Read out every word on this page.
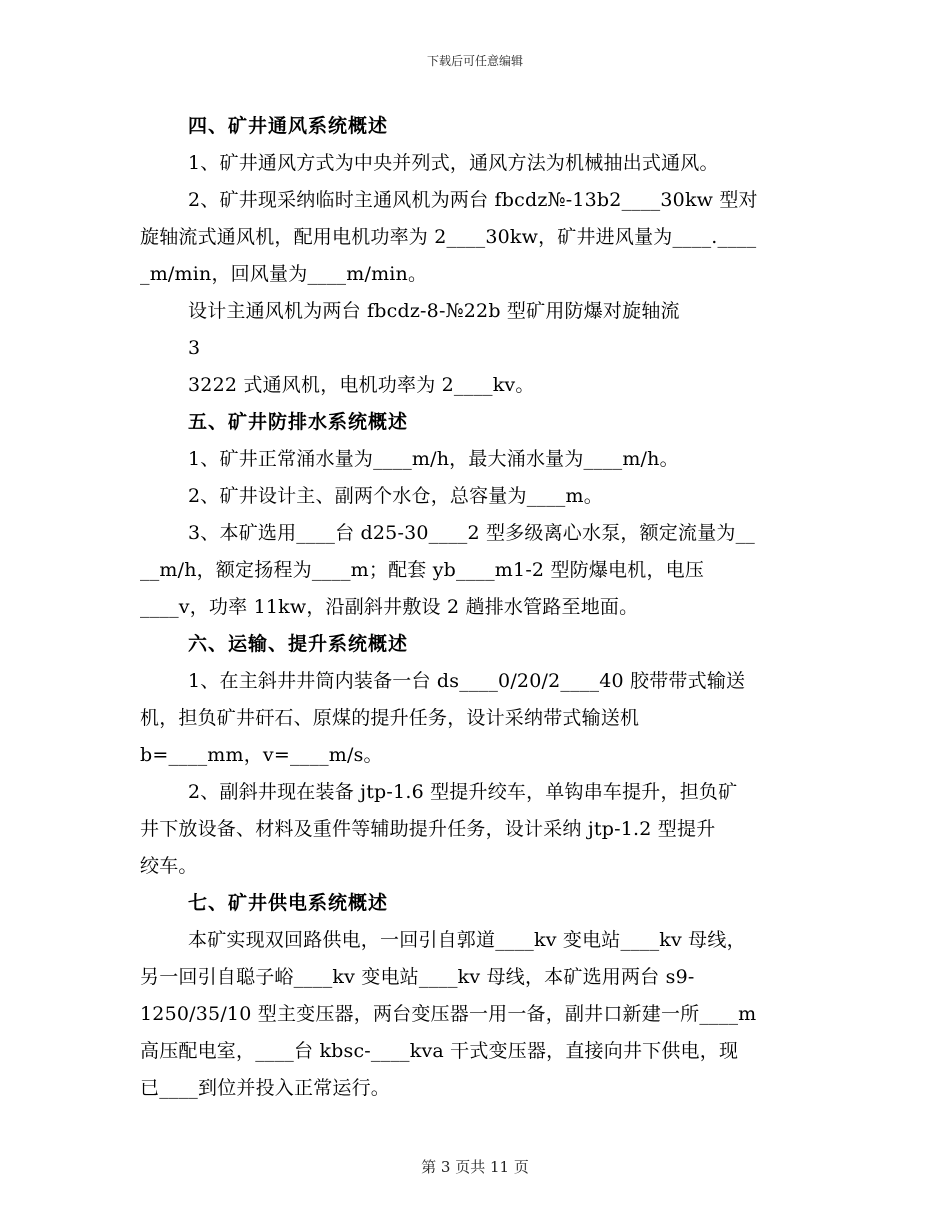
下载后可任意编辑
四、矿井通风系统概述
1、矿井通风方式为中央并列式，通风方法为机械抽出式通风。
2、矿井现采纳临时主通风机为两台 fbcdz№-13b2____30kw 型对
旋轴流式通风机，配用电机功率为 2____30kw，矿井进风量为____.____
_m/min，回风量为____m/min。
设计主通风机为两台 fbcdz-8-№22b 型矿用防爆对旋轴流
3
3222 式通风机，电机功率为 2____kv。
五、矿井防排水系统概述
1、矿井正常涌水量为____m/h，最大涌水量为____m/h。
2、矿井设计主、副两个水仓，总容量为____m。
3、本矿选用____台 d25-30____2 型多级离心水泵，额定流量为__
__m/h，额定扬程为____m；配套 yb____m1-2 型防爆电机，电压
____v，功率 11kw，沿副斜井敷设 2 趟排水管路至地面。
六、运输、提升系统概述
1、在主斜井井筒内装备一台 ds____0/20/2____40 胶带带式输送
机，担负矿井矸石、原煤的提升任务，设计采纳带式输送机
b=____mm，v=____m/s。
2、副斜井现在装备 jtp-1.6 型提升绞车，单钩串车提升，担负矿
井下放设备、材料及重件等辅助提升任务，设计采纳 jtp-1.2 型提升
绞车。
七、矿井供电系统概述
本矿实现双回路供电，一回引自郭道____kv 变电站____kv 母线，
另一回引自聪子峪____kv 变电站____kv 母线，本矿选用两台 s9-
1250/35/10 型主变压器，两台变压器一用一备，副井口新建一所____m
高压配电室，____台 kbsc-____kva 干式变压器，直接向井下供电，现
已____到位并投入正常运行。
第 3 页共 11 页
